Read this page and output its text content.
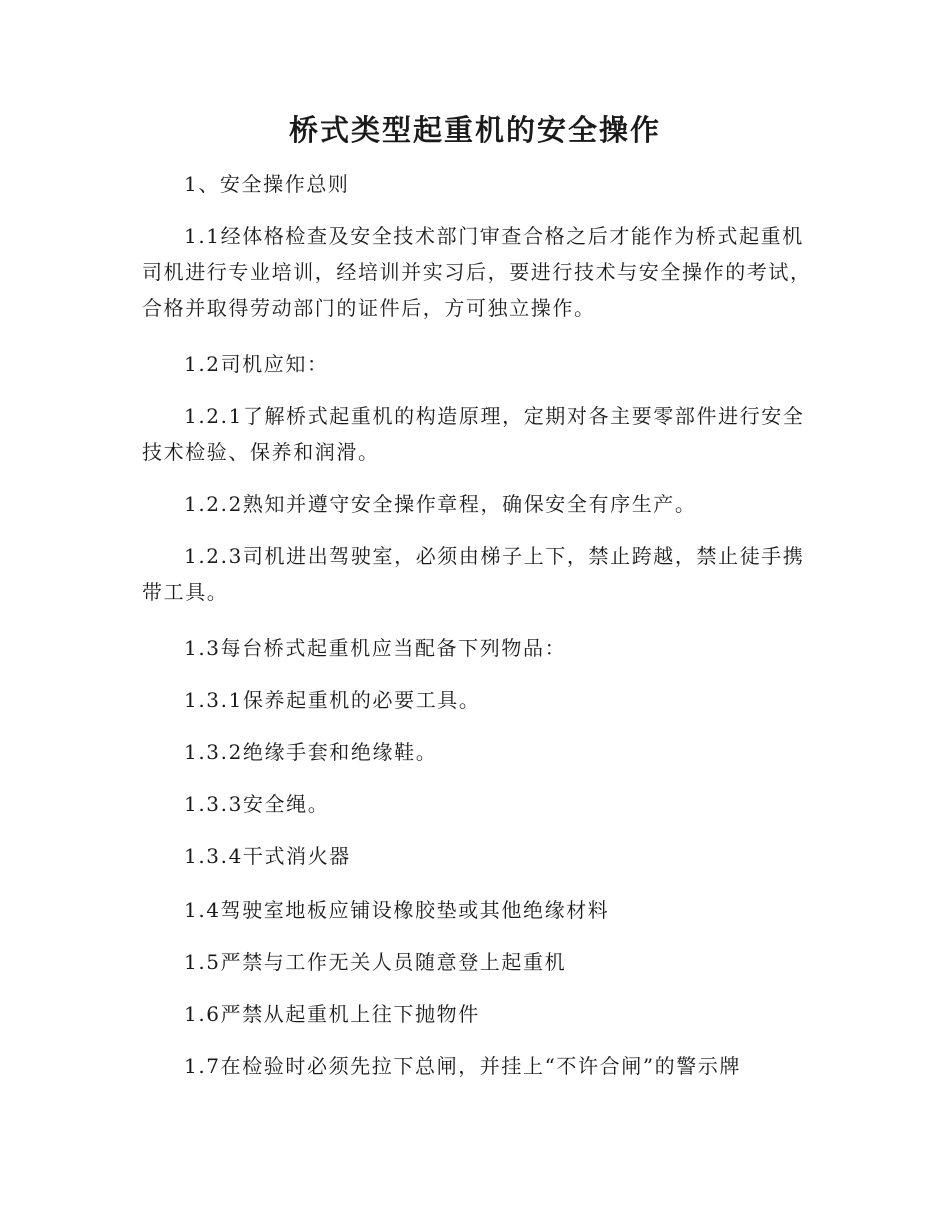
桥式类型起重机的安全操作

1、安全操作总则

1.1经体格检查及安全技术部门审查合格之后才能作为桥式起重机司机进行专业培训，经培训并实习后，要进行技术与安全操作的考试，合格并取得劳动部门的证件后，方可独立操作。

1.2司机应知：

1.2.1了解桥式起重机的构造原理，定期对各主要零部件进行安全技术检验、保养和润滑。

1.2.2熟知并遵守安全操作章程，确保安全有序生产。

1.2.3司机进出驾驶室，必须由梯子上下，禁止跨越，禁止徒手携带工具。

1.3每台桥式起重机应当配备下列物品：

1.3.1保养起重机的必要工具。

1.3.2绝缘手套和绝缘鞋。

1.3.3安全绳。

1.3.4干式消火器

1.4驾驶室地板应铺设橡胶垫或其他绝缘材料

1.5严禁与工作无关人员随意登上起重机

1.6严禁从起重机上往下抛物件

1.7在检验时必须先拉下总闸，并挂上“不许合闸”的警示牌
